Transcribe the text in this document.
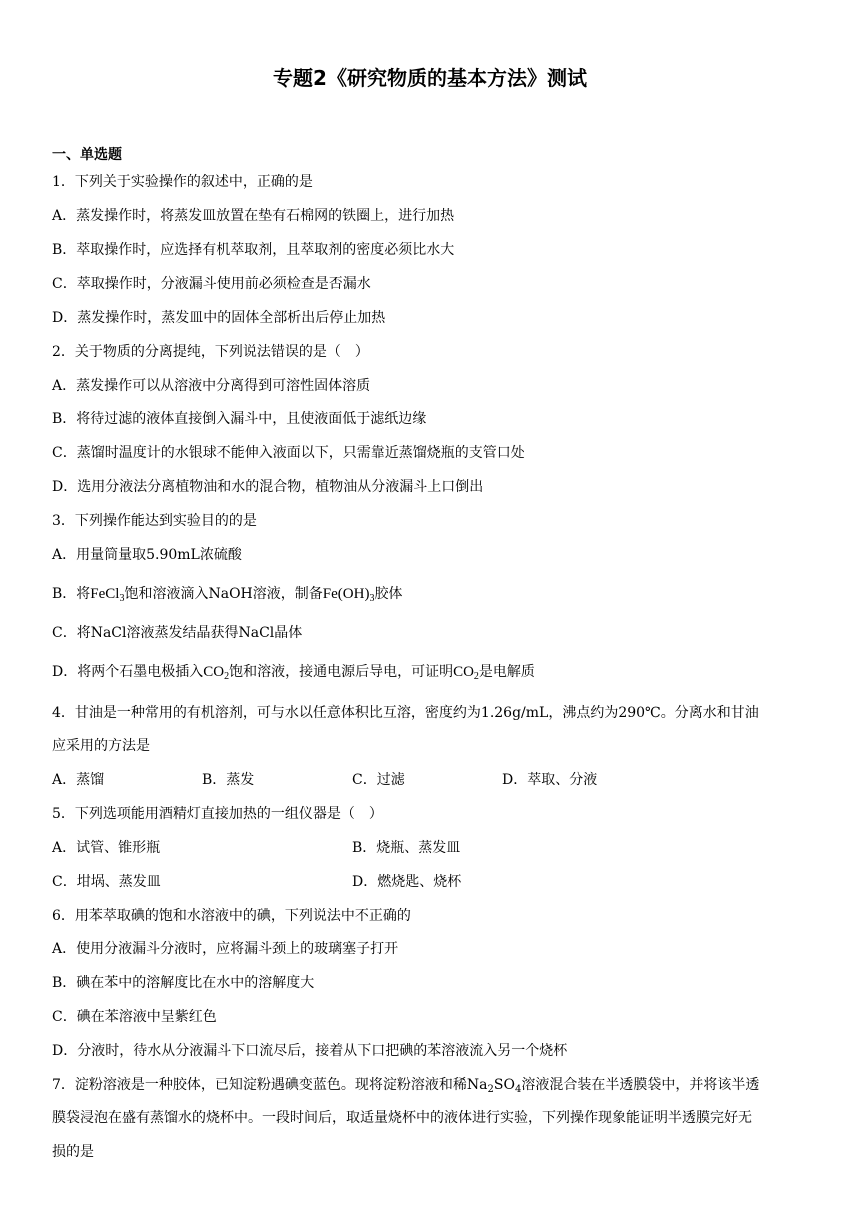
专题2《研究物质的基本方法》测试
一、单选题
1．下列关于实验操作的叙述中，正确的是
A．蒸发操作时，将蒸发皿放置在垫有石棉网的铁圈上，进行加热
B．萃取操作时，应选择有机萃取剂，且萃取剂的密度必须比水大
C．萃取操作时，分液漏斗使用前必须检查是否漏水
D．蒸发操作时，蒸发皿中的固体全部析出后停止加热
2．关于物质的分离提纯，下列说法错误的是（　）
A．蒸发操作可以从溶液中分离得到可溶性固体溶质
B．将待过滤的液体直接倒入漏斗中，且使液面低于滤纸边缘
C．蒸馏时温度计的水银球不能伸入液面以下，只需靠近蒸馏烧瓶的支管口处
D．选用分液法分离植物油和水的混合物，植物油从分液漏斗上口倒出
3．下列操作能达到实验目的的是
A．用量筒量取5.90mL浓硫酸
B．将FeCl$_3$饱和溶液滴入NaOH溶液，制备$Fe(OH)_3$胶体
C．将NaCl溶液蒸发结晶获得NaCl晶体
D．将两个石墨电极插入$CO_2$饱和溶液，接通电源后导电，可证明$CO_2$是电解质
4．甘油是一种常用的有机溶剂，可与水以任意体积比互溶，密度约为1.26g/mL，沸点约为290℃。分离水和甘油
应采用的方法是
A．蒸馏	B．蒸发	C．过滤	D．萃取、分液
5．下列选项能用酒精灯直接加热的一组仪器是（　）
A．试管、锥形瓶	B．烧瓶、蒸发皿
C．坩埚、蒸发皿	D．燃烧匙、烧杯
6．用苯萃取碘的饱和水溶液中的碘，下列说法中不正确的
A．使用分液漏斗分液时，应将漏斗颈上的玻璃塞子打开
B．碘在苯中的溶解度比在水中的溶解度大
C．碘在苯溶液中呈紫红色
D．分液时，待水从分液漏斗下口流尽后，接着从下口把碘的苯溶液流入另一个烧杯
7．淀粉溶液是一种胶体，已知淀粉遇碘变蓝色。现将淀粉溶液和稀$Na_2SO_4$溶液混合装在半透膜袋中，并将该半透
膜袋浸泡在盛有蒸馏水的烧杯中。一段时间后，取适量烧杯中的液体进行实验，下列操作现象能证明半透膜完好无
损的是
